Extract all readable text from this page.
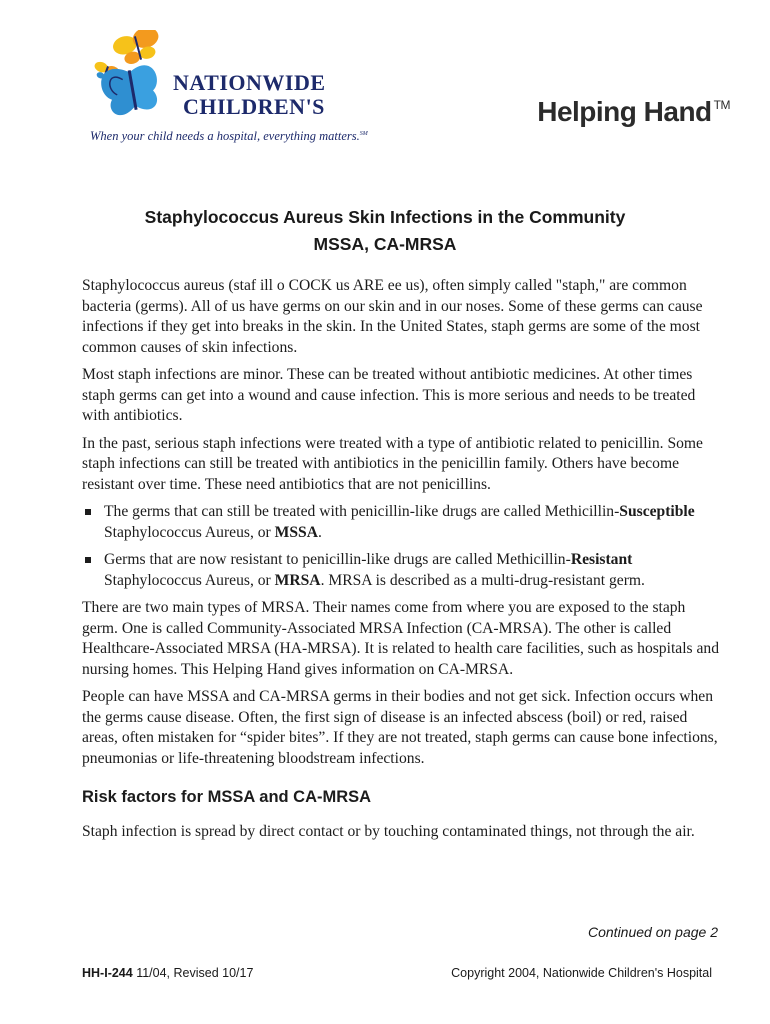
NATIONWIDE
CHILDREN'S
When your child needs a hospital, everything matters.℠
Helping Hand ™
Staphylococcus Aureus Skin Infections in the Community
MSSA, CA-MRSA

Staphylococcus aureus (staf ill o COCK us ARE ee us), often simply called "staph," are common bacteria (germs). All of us have germs on our skin and in our noses. Some of these germs can cause infections if they get into breaks in the skin. In the United States, staph germs are some of the most common causes of skin infections.

Most staph infections are minor. These can be treated without antibiotic medicines. At other times staph germs can get into a wound and cause infection. This is more serious and needs to be treated with antibiotics.

In the past, serious staph infections were treated with a type of antibiotic related to penicillin. Some staph infections can still be treated with antibiotics in the penicillin family. Others have become resistant over time. These need antibiotics that are not penicillins.

The germs that can still be treated with penicillin-like drugs are called Methicillin-Susceptible Staphylococcus Aureus, or MSSA.
Germs that are now resistant to penicillin-like drugs are called Methicillin-Resistant Staphylococcus Aureus, or MRSA. MRSA is described as a multi-drug-resistant germ.

There are two main types of MRSA. Their names come from where you are exposed to the staph germ. One is called Community-Associated MRSA Infection (CA-MRSA). The other is called Healthcare-Associated MRSA (HA-MRSA). It is related to health care facilities, such as hospitals and nursing homes. This Helping Hand gives information on CA-MRSA.

People can have MSSA and CA-MRSA germs in their bodies and not get sick. Infection occurs when the germs cause disease. Often, the first sign of disease is an infected abscess (boil) or red, raised areas, often mistaken for “spider bites”. If they are not treated, staph germs can cause bone infections, pneumonias or life-threatening bloodstream infections.

Risk factors for MSSA and CA-MRSA

Staph infection is spread by direct contact or by touching contaminated things, not through the air.

Continued on page 2
HH-I-244 11/04, Revised 10/17	Copyright 2004, Nationwide Children's Hospital
